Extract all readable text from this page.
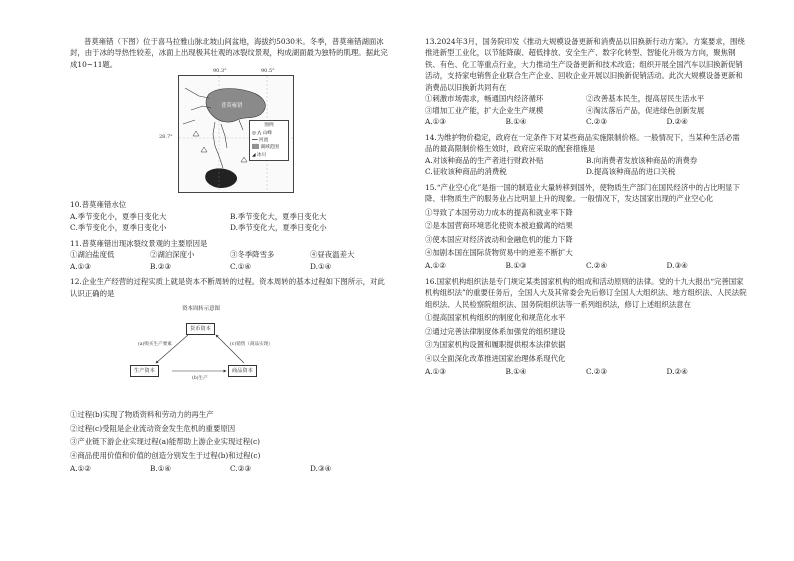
普莫雍错（下图）位于喜马拉雅山脉北坡山间盆地，海拔约5030米。冬季，普莫雍错湖面冰封，由于冰的导热性较差，冰面上出现极其壮观的冰裂纹景观，构成湖面最为独特的肌理。据此完成10~11题。

90.3°	90.5°
28.7°
普莫雍错
图例
◎ ⋀ 山峰
━━ 河流
▒▒ 湖域范围
◢ 冰川

10.普莫雍错水位

A.季节变化小，夏季日变化大	B.季节变化大，夏季日变化大
C.季节变化小，夏季日变化小	D.季节变化大，夏季日变化小

11.普莫雍错出现冰裂纹景观的主要原因是

①湖泊盐度低	②湖泊深度小	③冬季降雪多	④昼夜温差大
A.①③	B.②③	C.①④	D.①④

12.企业生产经营的过程实质上就是资本不断周转的过程。资本周转的基本过程如下图所示，对此认识正确的是

资本周转示意图
货币资本
生产资本	商品资本
(a)购买生产要素
(b)生产
(c)销售（商品实现）

①过程(b)实现了物质资料和劳动力的再生产

②过程(c)受阻是企业流动资金发生危机的重要原因

③产业链下游企业实现过程(a)能帮助上游企业实现过程(c)

④商品使用价值和价值的创造分别发生于过程(b)和过程(c)

A.①②	B.①④	C.②③	D.③④

13.2024年3月，国务院印发《推动大规模设备更新和消费品以旧换新行动方案》。方案要求，围绕推进新型工业化，以节能降碳、超低排放、安全生产、数字化转型、智能化升级为方向，聚焦钢铁、有色、化工等重点行业，大力推动生产设备更新和技术改造；组织开展全国汽车以旧换新促销活动，支持家电销售企业联合生产企业、回收企业开展以旧换新促销活动。此次大规模设备更新和消费品以旧换新共同有在

①刺激市场需求，畅通国内经济循环	②改善基本民生，提高居民生活水平
③增加工业产能，扩大企业生产规模	④淘汰落后产品，促进绿色创新发展
A.①③	B.①④	C.②③	D.②④

14.为维护物价稳定，政府在一定条件下对某些商品实施限制价格。一般情况下，当某种生活必需品的最高限制价格生效时，政府应采取的配套措施是

A.对该种商品的生产者进行财政补贴	B.向消费者发放该种商品的消费券
C.征收该种商品的消费税	D.提高该种商品的进口关税

15.“产业空心化”是指一国的制造业大量转移到国外，使物质生产部门在国民经济中的占比明显下降、非物质生产的服务业占比明显上升的现象。一般情况下，发达国家出现的产业空心化

①导致了本国劳动力成本的提高和就业率下降

②是本国营商环境恶化使资本被迫撤离的结果

③使本国应对经济波动和金融危机的能力下降

④加剧本国在国际货物贸易中的逆差不断扩大

A.①②	B.①③	C.②④	D.③④

16.国家机构组织法是专门规定某类国家机构的组成和活动原则的法律。党的十九大报出“完善国家机构组织法”的重要任务后，全国人大及其常委会先后修订全国人大组织法、地方组织法、人民法院组织法、人民检察院组织法、国务院组织法等一系列组织法，修订上述组织法意在

①提高国家机构组织的制度化和规范化水平

②通过完善法律制度体系加强党的组织建设

③为国家机构设置和履职提供根本法律依据

④以全面深化改革推进国家治理体系现代化

A.①③	B.①④	C.②③	D.②④
